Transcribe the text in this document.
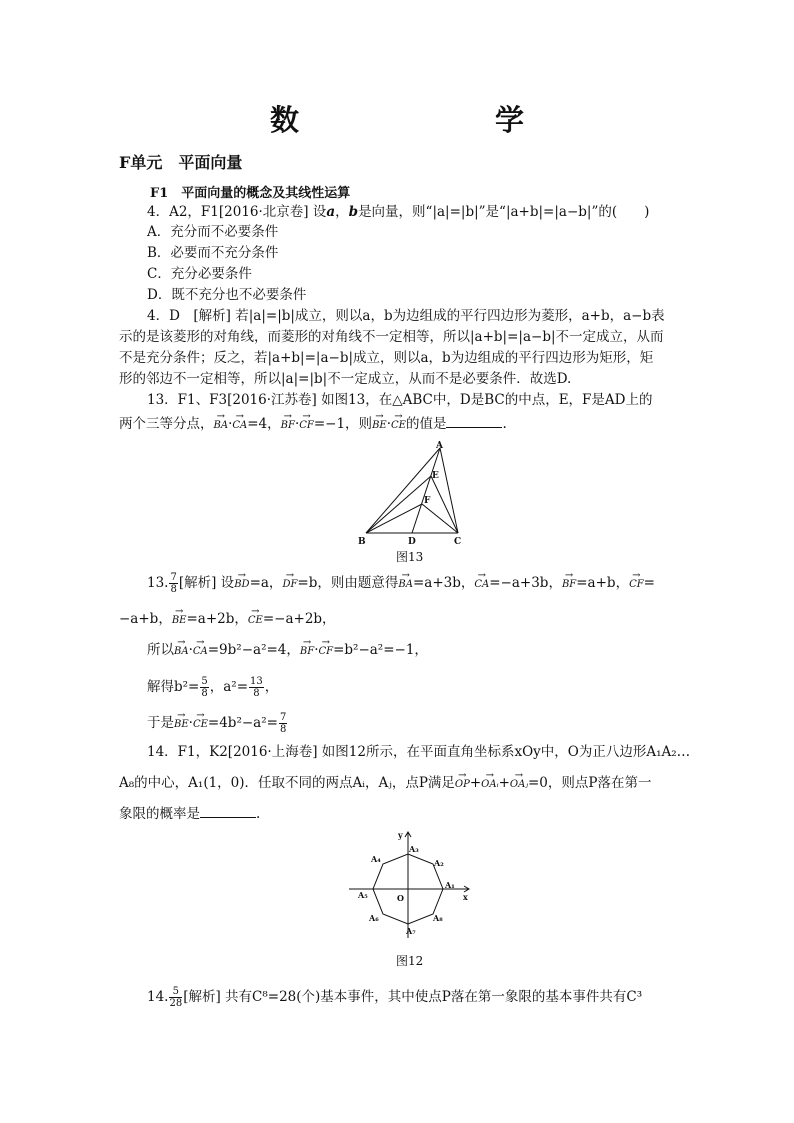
数　　学
F单元　平面向量
F1　平面向量的概念及其线性运算
4．A2，F1[2016·北京卷] 设a，b是向量，则“|a|=|b|”是“|a+b|=|a−b|”的(　　)
A．充分而不必要条件
B．必要而不充分条件
C．充分必要条件
D．既不充分也不必要条件
4．D　[解析] 若|a|=|b|成立，则以a，b为边组成的平行四边形为菱形，a+b，a−b表
示的是该菱形的对角线，而菱形的对角线不一定相等，所以|a+b|=|a−b|不一定成立，从而
不是充分条件；反之，若|a+b|=|a−b|成立，则以a，b为边组成的平行四边形为矩形，矩
形的邻边不一定相等，所以|a|=|b|不一定成立，从而不是必要条件．故选D.
13．F1、F3[2016·江苏卷] 如图13，在△ABC中，D是BC的中点，E，F是AD上的
两个三等分点，→ BA·→ CA=4，→ BF·→ CF=−1，则→ BE·→ CE的值是	.
A
B	C
D
E
F
图13
13. $\frac{7}{8}$ [解析] 设→ BD=a，→ DF=b，则由题意得→ BA=a+3b，→ CA=−a+3b，→ BF=a+b，→ CF=
−a+b，→ BE=a+2b，→ CE=−a+2b，
所以→ BA·→ CA=9b²−a²=4，→ BF·→ CF=b²−a²=−1，
解得$b^2= \frac{5}{8}$ ，$a^2= \frac{13}{8}$ ，
于是→ $BE\cdot\to CE=4b^2-a^2= \frac{7}{8}$
14．F1，K2[2016·上海卷] 如图12所示，在平面直角坐标系xOy中，O为正八边形A₁A₂…
A₈的中心，A₁(1，0)．任取不同的两点Aᵢ，Aⱼ，点P满足→ OP+→ OAᵢ+→ OAⱼ=0，则点P落在第一
象限的概率是	.
y
x
O
A₁
A₂
A₃
A₄
A₅
A₆
A₇
A₈
图12
14. $\frac{5}{28}$ [解析] 共有C⁸=28(个)基本事件，其中使点P落在第一象限的基本事件共有C³
